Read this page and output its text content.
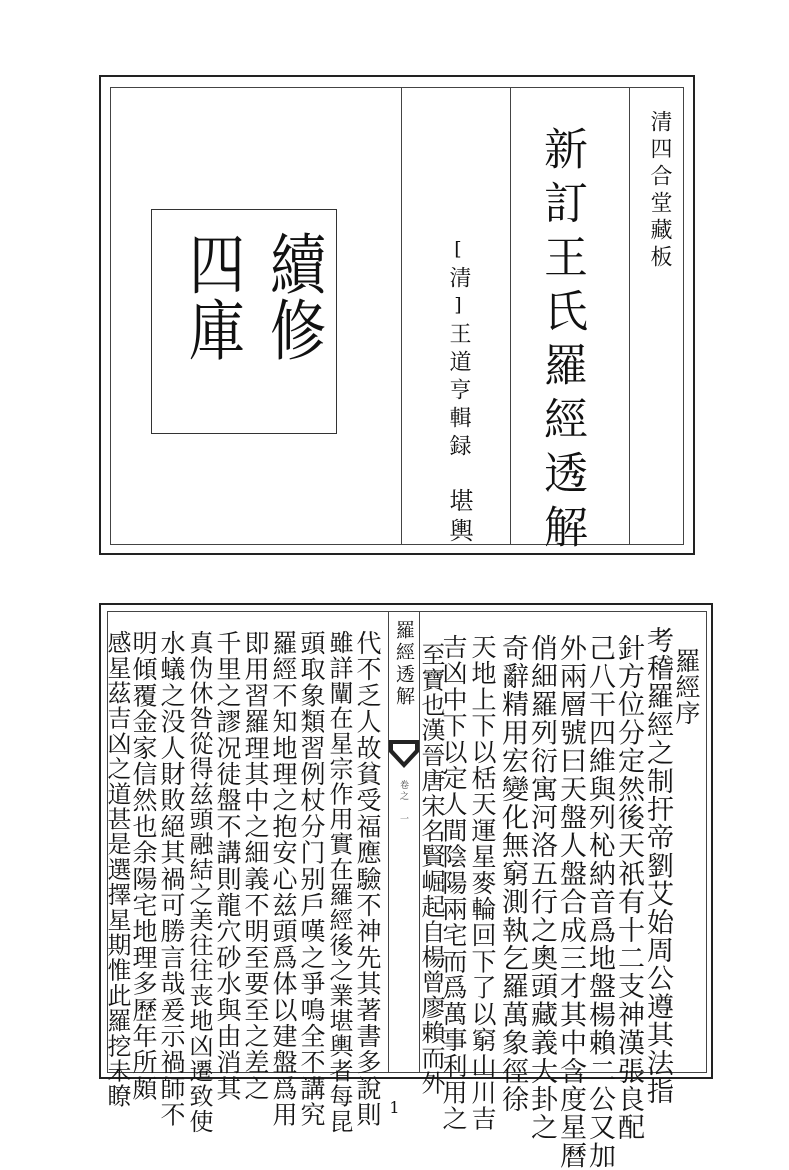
清四合堂藏板
新訂王氏羅經透解
[清]王道亨輯録
堪輿
續修
四庫
羅經透解
卷之 一
羅經序
考稽羅經之制扞帝劉艾始周公遵其法指
針方位分定然後天祇有十二支神漢張良配
己八干四維與列杺納音爲地盤楊賴二公又加
外兩層號曰天盤人盤合成三才其中含度星曆
俏細羅列衍寓河洛五行之奧頭藏義大卦之
奇辭精用宏變化無窮測執乞羅萬象徑徐
天地上下以栝天運星麥輪回下了以窮山川吉
吉凶中下以定人間陰陽兩宅而爲萬事利用之
至寶也漢晉唐宋名賢崛起自楊曾廖賴而外
代不乏人故貧受福應驗不神先其著書多說則
雖詳闡在星宗作用實在羅經後之業堪輿者每昆
頭取象類習例杖分门别戶嘆之爭鳴全不講究
羅經不知地理之抱安心兹頭爲体以建盤爲用
即用習羅理其中之細義不明至要至之差之
千里之謬况徒盤不講則龍穴砂水與由消其
真伪休咎從得兹頭融結之美往往丧地凶遷致使
水蟻之没人財敗絕其禍可勝言哉爰示禍師不
明傾覆金家信然也余陽宅地理多歷年所頗
感星茲吉凶之道甚是選擇星期惟此羅挖未瞭	1
